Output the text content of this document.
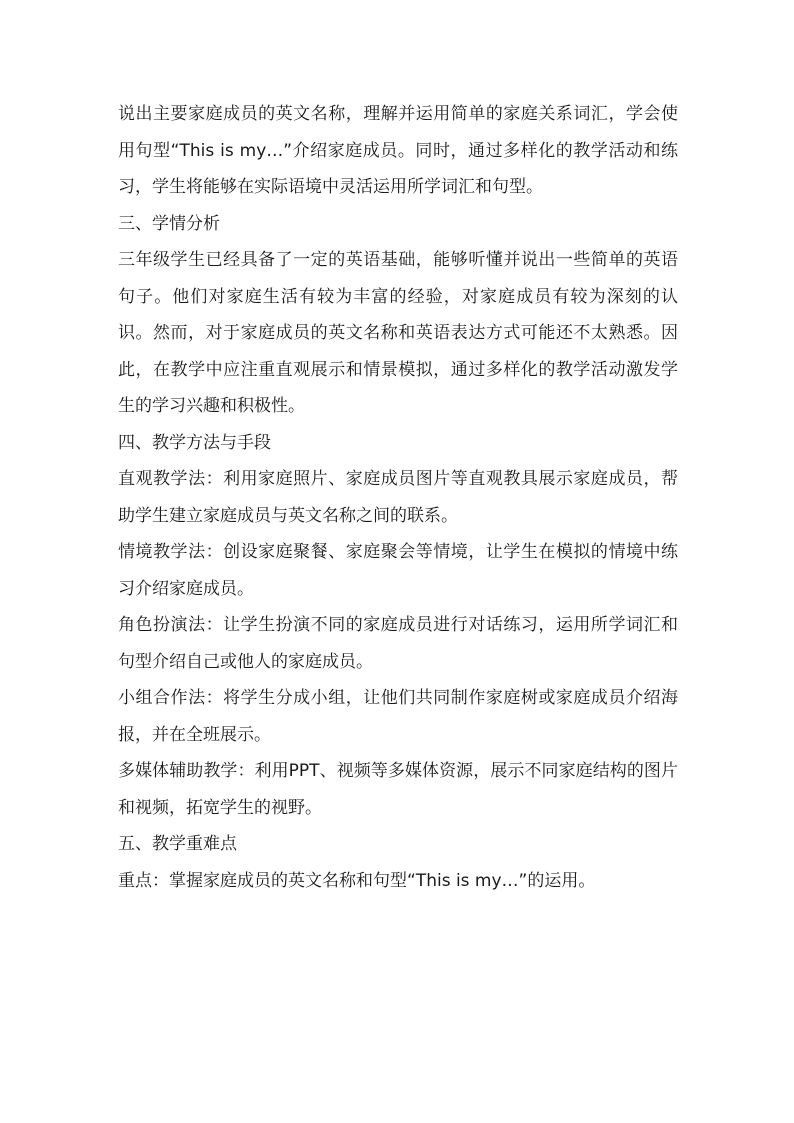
说出主要家庭成员的英文名称，理解并运用简单的家庭关系词汇，学会使用句型“This is my…”介绍家庭成员。同时，通过多样化的教学活动和练习，学生将能够在实际语境中灵活运用所学词汇和句型。

三、学情分析

三年级学生已经具备了一定的英语基础，能够听懂并说出一些简单的英语句子。他们对家庭生活有较为丰富的经验，对家庭成员有较为深刻的认识。然而，对于家庭成员的英文名称和英语表达方式可能还不太熟悉。因此，在教学中应注重直观展示和情景模拟，通过多样化的教学活动激发学生的学习兴趣和积极性。

四、教学方法与手段

直观教学法：利用家庭照片、家庭成员图片等直观教具展示家庭成员，帮助学生建立家庭成员与英文名称之间的联系。

情境教学法：创设家庭聚餐、家庭聚会等情境，让学生在模拟的情境中练习介绍家庭成员。

角色扮演法：让学生扮演不同的家庭成员进行对话练习，运用所学词汇和句型介绍自己或他人的家庭成员。

小组合作法：将学生分成小组，让他们共同制作家庭树或家庭成员介绍海报，并在全班展示。

多媒体辅助教学：利用PPT、视频等多媒体资源，展示不同家庭结构的图片和视频，拓宽学生的视野。

五、教学重难点

重点：掌握家庭成员的英文名称和句型“This is my…”的运用。
